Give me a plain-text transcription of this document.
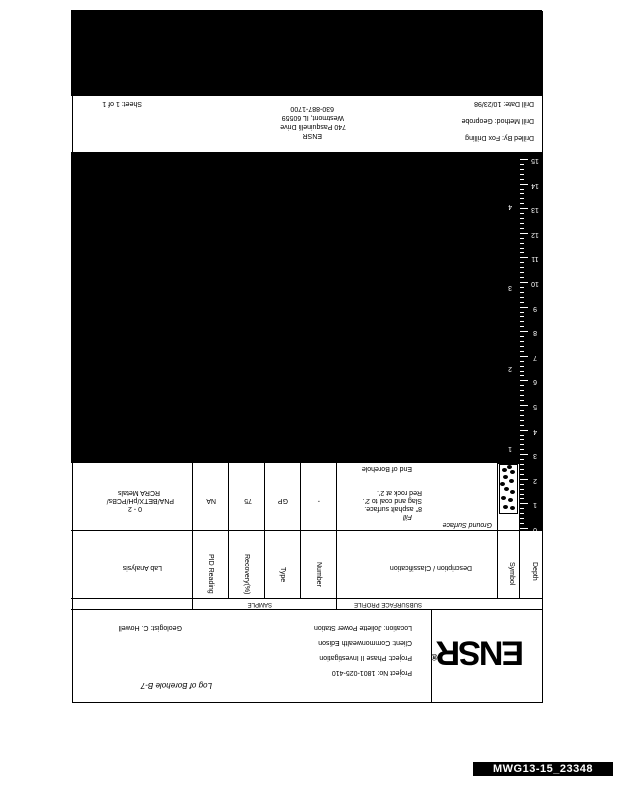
MWG13-15_23348
ENSR®
Log of Borehole B-7
Project No: 1801-025-410
Project: Phase II Investigation
Client: Commonwealth Edison
Location: Joliette Power Station
Geologist: C. Howell
SUBSURFACE PROFILE
SAMPLE
Depth
Symbol
Description / Classification
Number
Type
Recovery(%)
PID Reading
Lab Analysis
Ground Surface
Fill
8" asphalt surface.
Slag and coal to 2'.
Red rock at 2'.
End of Borehole
-
GP
75
NA
0 - 2
PNA/BETX/pH/PCBs/
RCRA Metals
0
1
2
3
4
5
6
7
8
9
10
11
12
13
14
15
1
2
3
4
Drilled By: Fox Drilling
Drill Method: Geoprobe
Drill Date: 10/23/98
ENSR
740 Pasquinelli Drive
Westmont, IL 60559
630-887-1700
Sheet: 1 of 1
